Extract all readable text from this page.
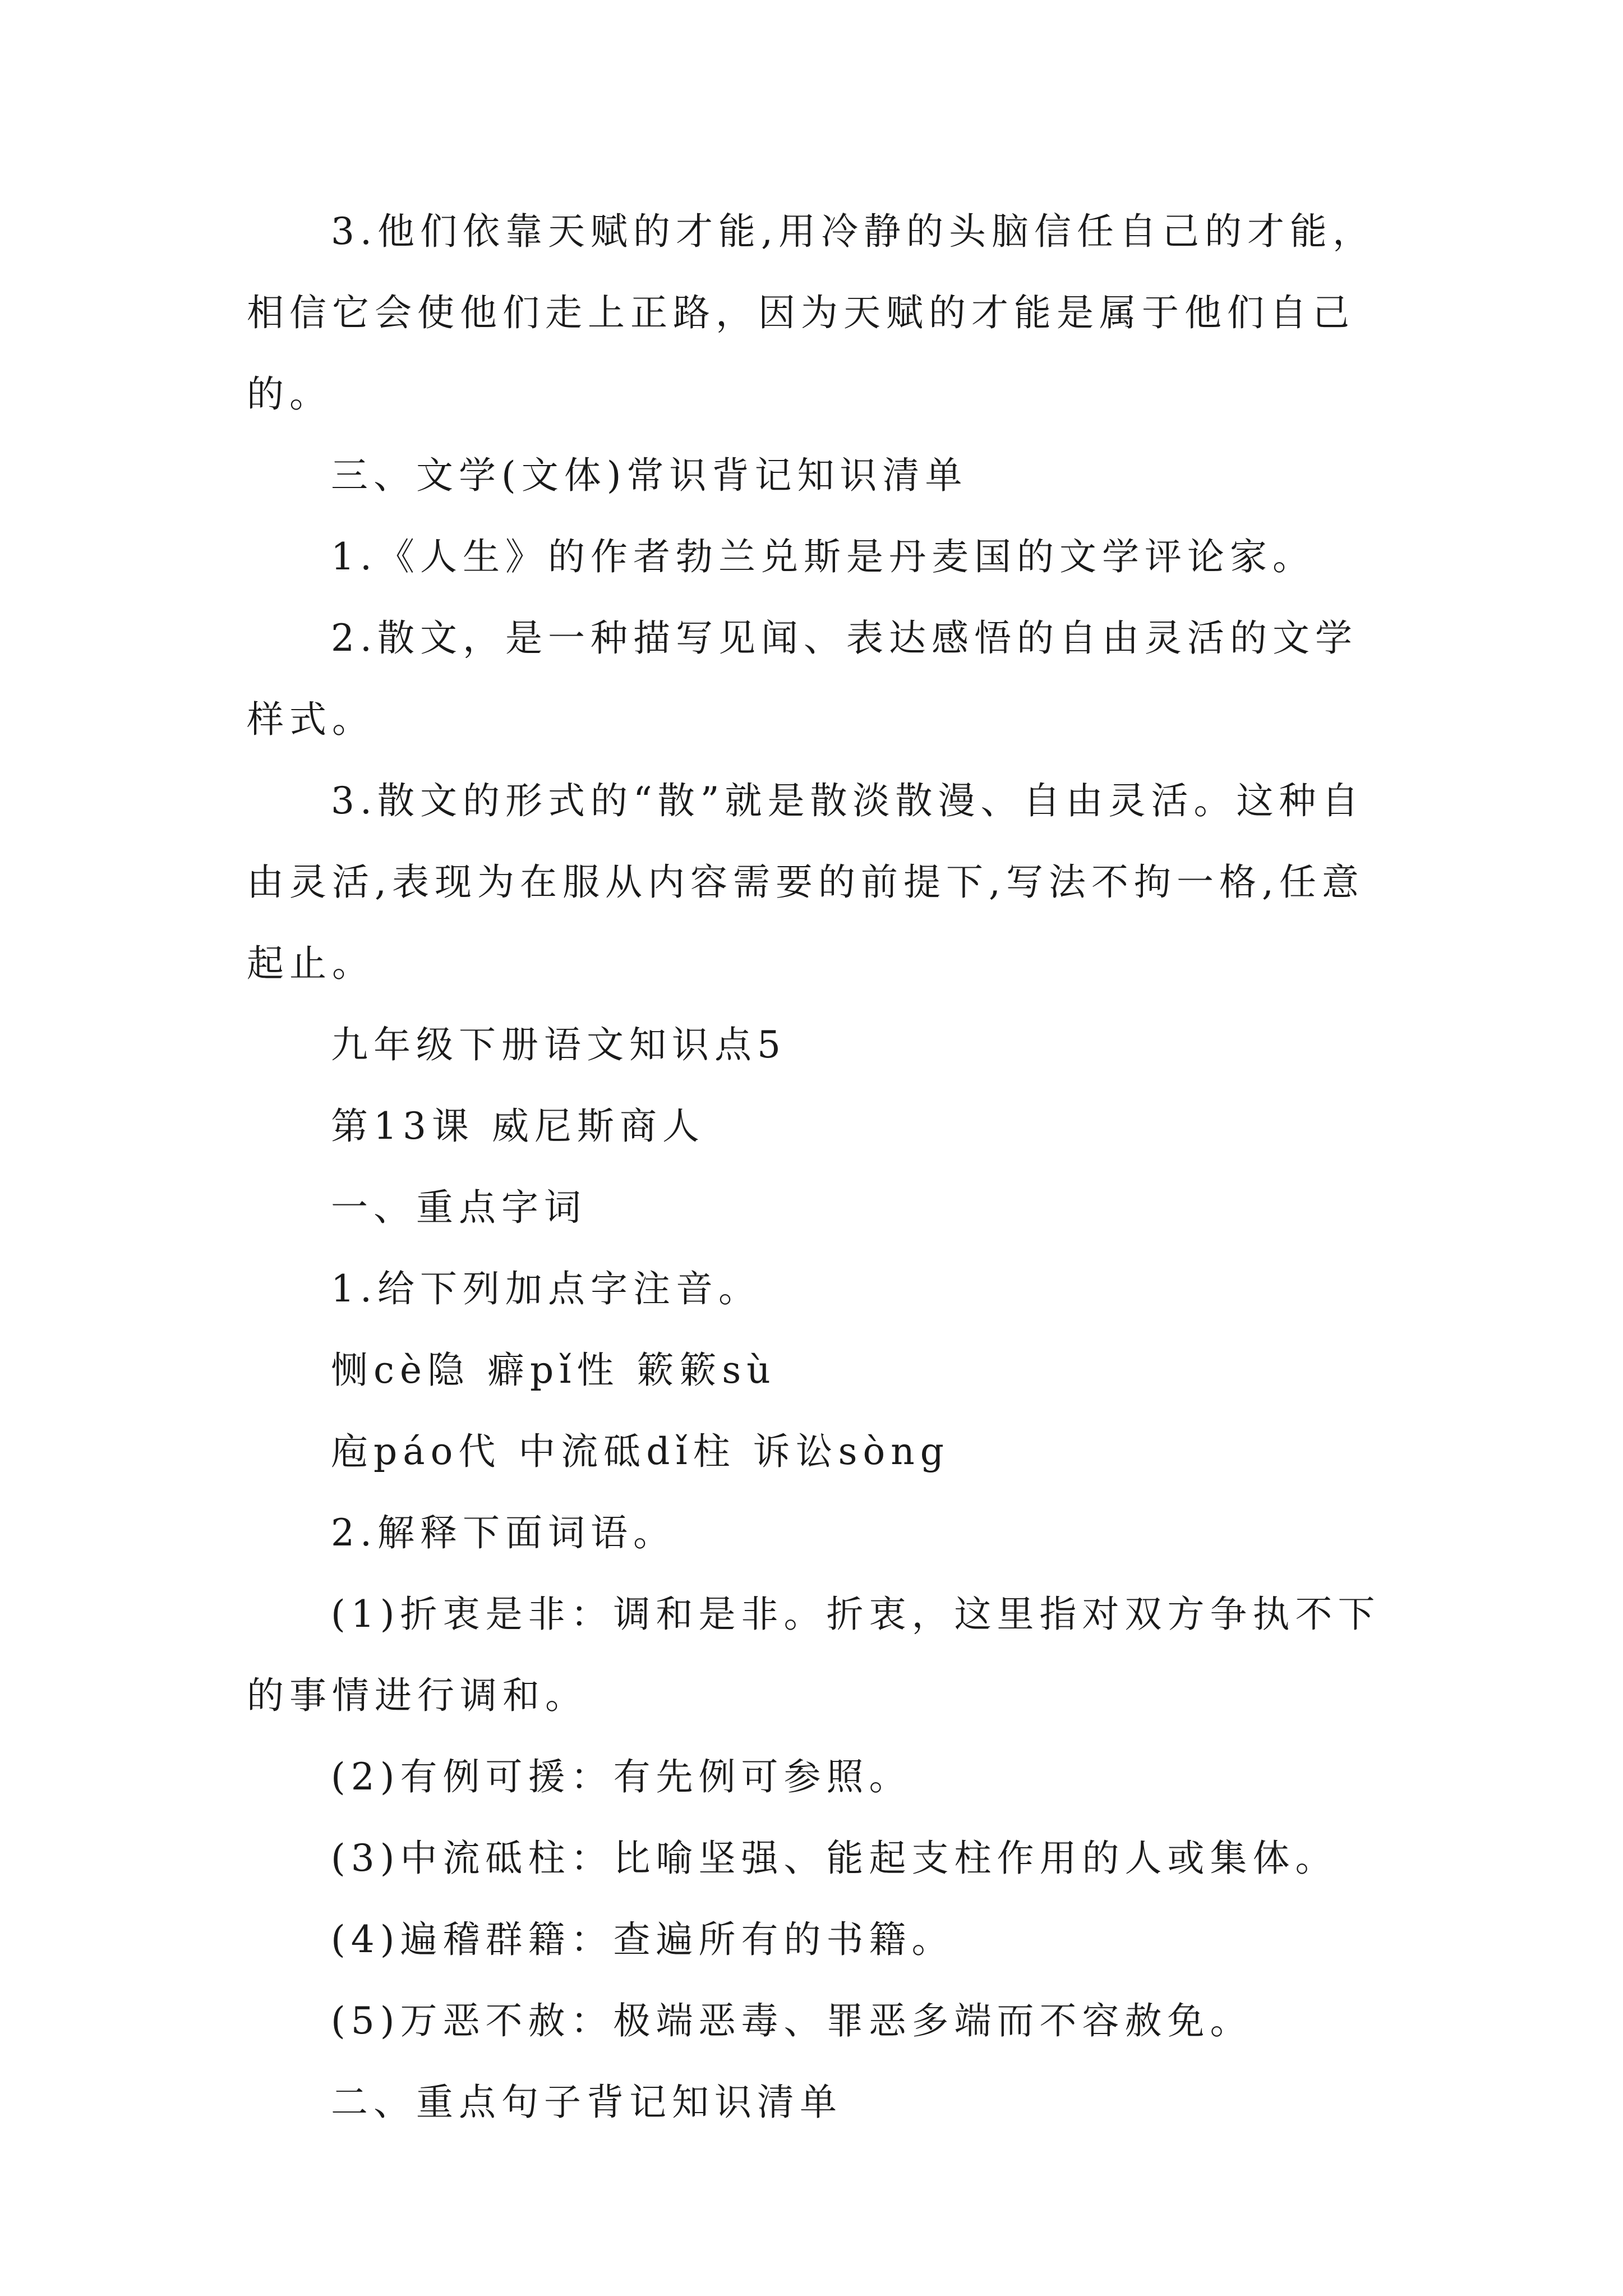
3.他们依靠天赋的才能,用冷静的头脑信任自己的才能，相信它会使他们走上正路，因为天赋的才能是属于他们自己的。

三、文学(文体)常识背记知识清单

1.《人生》的作者勃兰兑斯是丹麦国的文学评论家。

2.散文，是一种描写见闻、表达感悟的自由灵活的文学样式。

3.散文的形式的“散”就是散淡散漫、自由灵活。这种自由灵活,表现为在服从内容需要的前提下,写法不拘一格,任意起止。

九年级下册语文知识点5

第13课 威尼斯商人

一、重点字词

1.给下列加点字注音。

恻cè隐 癖pǐ性 簌簌sù

庖páo代 中流砥dǐ柱 诉讼sòng

2.解释下面词语。

(1)折衷是非：调和是非。折衷，这里指对双方争执不下的事情进行调和。

(2)有例可援：有先例可参照。

(3)中流砥柱：比喻坚强、能起支柱作用的人或集体。

(4)遍稽群籍：查遍所有的书籍。

(5)万恶不赦：极端恶毒、罪恶多端而不容赦免。

二、重点句子背记知识清单
